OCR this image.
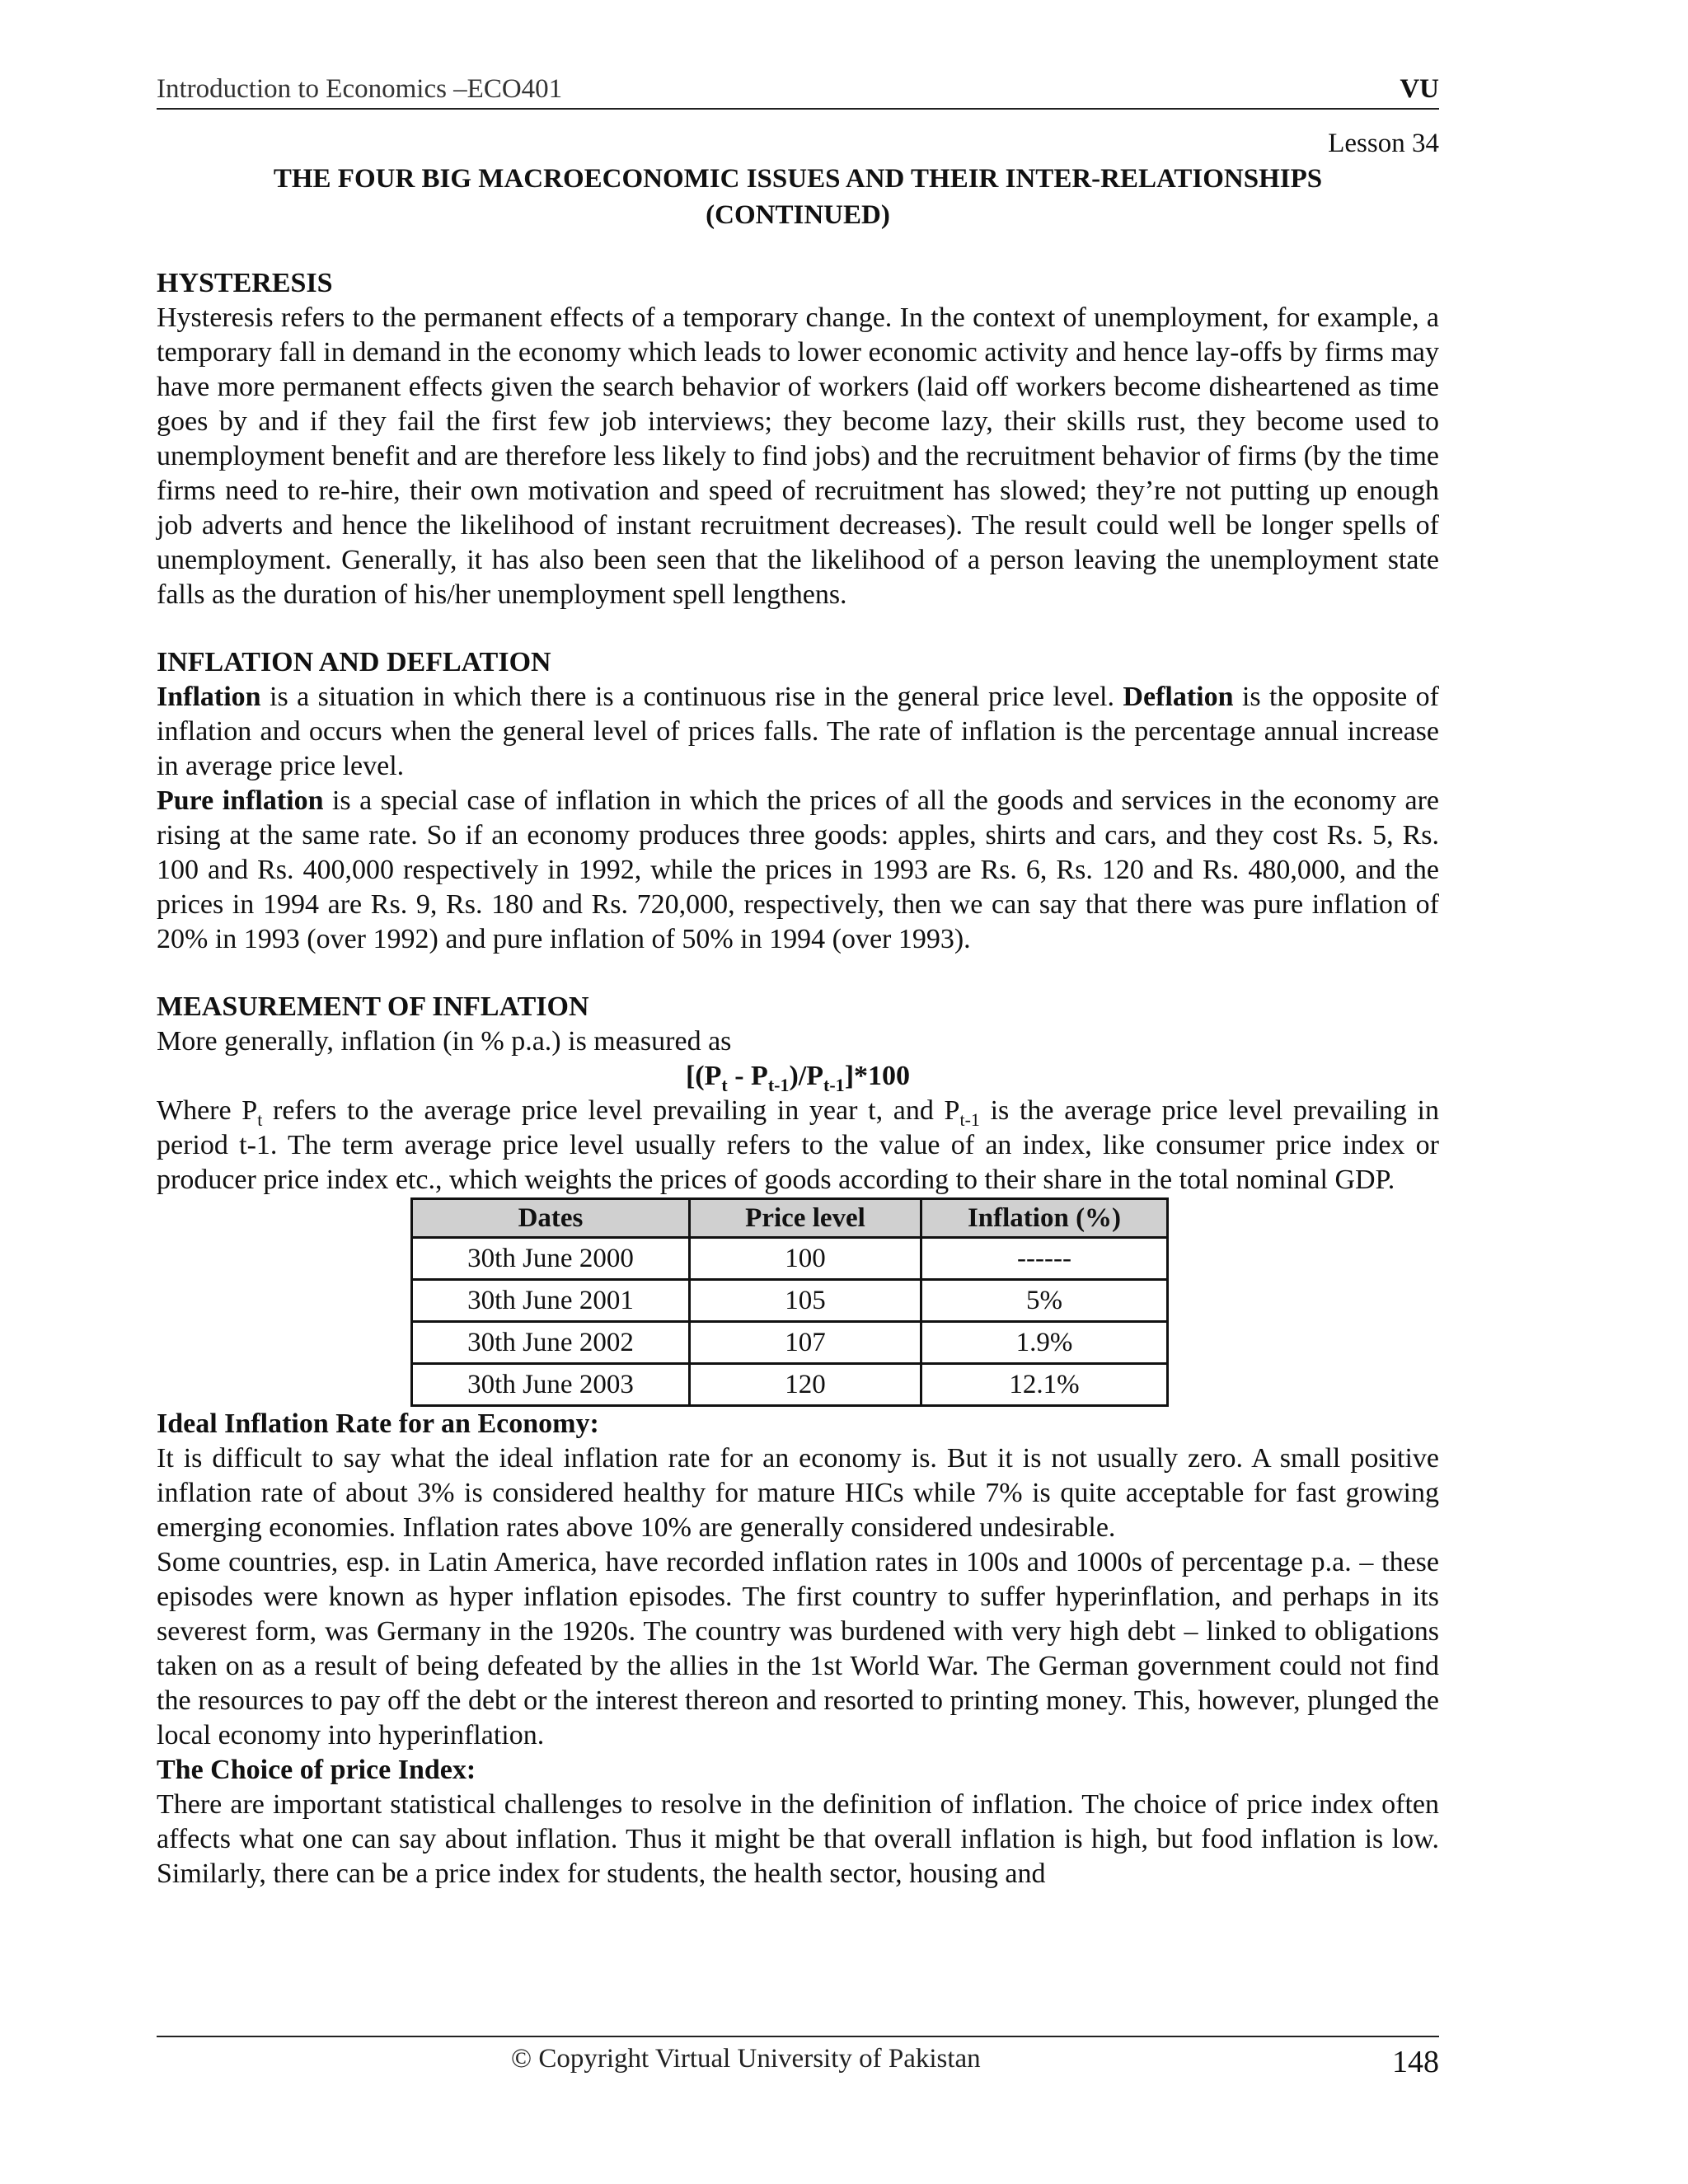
Introduction to Economics –ECO401	VU
Lesson 34
THE FOUR BIG MACROECONOMIC ISSUES AND THEIR INTER-RELATIONSHIPS
(CONTINUED)
HYSTERESIS

Hysteresis refers to the permanent effects of a temporary change. In the context of unemployment, for example, a temporary fall in demand in the economy which leads to lower economic activity and hence lay-offs by firms may have more permanent effects given the search behavior of workers (laid off workers become disheartened as time goes by and if they fail the first few job interviews; they become lazy, their skills rust, they become used to unemployment benefit and are therefore less likely to find jobs) and the recruitment behavior of firms (by the time firms need to re-hire, their own motivation and speed of recruitment has slowed; they’re not putting up enough job adverts and hence the likelihood of instant recruitment decreases). The result could well be longer spells of unemployment. Generally, it has also been seen that the likelihood of a person leaving the unemployment state falls as the duration of his/her unemployment spell lengthens.

INFLATION AND DEFLATION

Inflation is a situation in which there is a continuous rise in the general price level. Deflation is the opposite of inflation and occurs when the general level of prices falls. The rate of inflation is the percentage annual increase in average price level.

Pure inflation is a special case of inflation in which the prices of all the goods and services in the economy are rising at the same rate. So if an economy produces three goods: apples, shirts and cars, and they cost Rs. 5, Rs. 100 and Rs. 400,000 respectively in 1992, while the prices in 1993 are Rs. 6, Rs. 120 and Rs. 480,000, and the prices in 1994 are Rs. 9, Rs. 180 and Rs. 720,000, respectively, then we can say that there was pure inflation of 20% in 1993 (over 1992) and pure inflation of 50% in 1994 (over 1993).

MEASUREMENT OF INFLATION

More generally, inflation (in % p.a.) is measured as

$[(P_t - P_{t-1})/P_{t-1}]*100$

Where $P_t$ refers to the average price level prevailing in year t, and $P_{t-1}$ is the average price level prevailing in period t-1. The term average price level usually refers to the value of an index, like consumer price index or producer price index etc., which weights the prices of goods according to their share in the total nominal GDP.

Dates	Price level	Inflation (%)
30th June 2000	100	------
30th June 2001	105	5%
30th June 2002	107	1.9%
30th June 2003	120	12.1%
Ideal Inflation Rate for an Economy:

It is difficult to say what the ideal inflation rate for an economy is. But it is not usually zero. A small positive inflation rate of about 3% is considered healthy for mature HICs while 7% is quite acceptable for fast growing emerging economies. Inflation rates above 10% are generally considered undesirable.

Some countries, esp. in Latin America, have recorded inflation rates in 100s and 1000s of percentage p.a. – these episodes were known as hyper inflation episodes. The first country to suffer hyperinflation, and perhaps in its severest form, was Germany in the 1920s. The country was burdened with very high debt – linked to obligations taken on as a result of being defeated by the allies in the 1st World War. The German government could not find the resources to pay off the debt or the interest thereon and resorted to printing money. This, however, plunged the local economy into hyperinflation.

The Choice of price Index:

There are important statistical challenges to resolve in the definition of inflation. The choice of price index often affects what one can say about inflation. Thus it might be that overall inflation is high, but food inflation is low. Similarly, there can be a price index for students, the health sector, housing and

© Copyright Virtual University of Pakistan	148
